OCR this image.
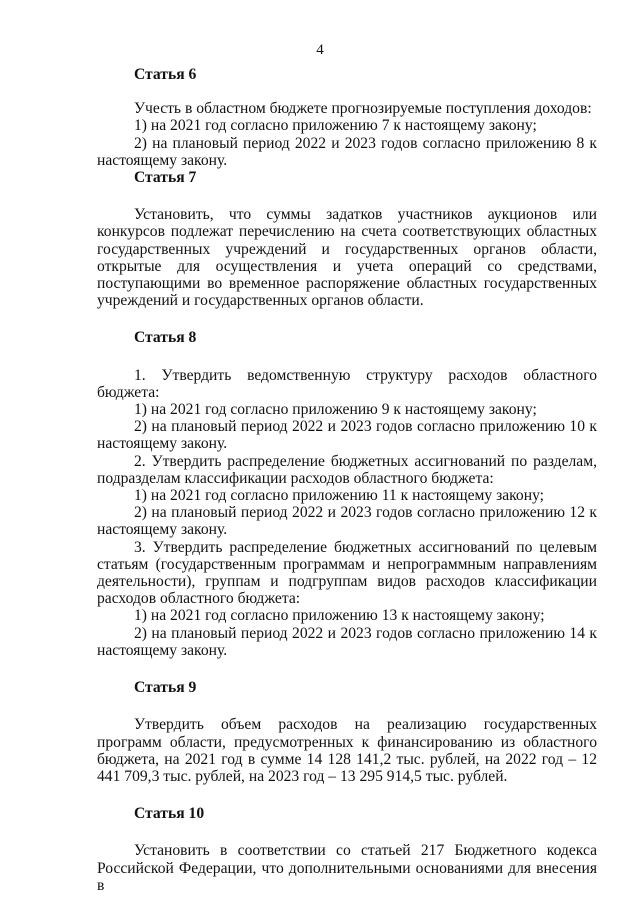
4
Статья 6

Учесть в областном бюджете прогнозируемые поступления доходов:

1) на 2021 год согласно приложению 7 к настоящему закону;

2) на плановый период 2022 и 2023 годов согласно приложению 8 к настоящему закону.

Статья 7

Установить, что суммы задатков участников аукционов или конкурсов подлежат перечислению на счета соответствующих областных государственных учреждений и государственных органов области, открытые для осуществления и учета операций со средствами, поступающими во временное распоряжение областных государственных учреждений и государственных органов области.

Статья 8

1. Утвердить ведомственную структуру расходов областного бюджета:

1) на 2021 год согласно приложению 9 к настоящему закону;

2) на плановый период 2022 и 2023 годов согласно приложению 10 к настоящему закону.

2. Утвердить распределение бюджетных ассигнований по разделам, подразделам классификации расходов областного бюджета:

1) на 2021 год согласно приложению 11 к настоящему закону;

2) на плановый период 2022 и 2023 годов согласно приложению 12 к настоящему закону.

3. Утвердить распределение бюджетных ассигнований по целевым статьям (государственным программам и непрограммным направлениям деятельности), группам и подгруппам видов расходов классификации расходов областного бюджета:

1) на 2021 год согласно приложению 13 к настоящему закону;

2) на плановый период 2022 и 2023 годов согласно приложению 14 к настоящему закону.

Статья 9

Утвердить объем расходов на реализацию государственных программ области, предусмотренных к финансированию из областного бюджета, на 2021 год в сумме 14 128 141,2 тыс. рублей, на 2022 год – 12 441 709,3 тыс. рублей, на 2023 год – 13 295 914,5 тыс. рублей.

Статья 10

Установить в соответствии со статьей 217 Бюджетного кодекса Российской Федерации, что дополнительными основаниями для внесения в
